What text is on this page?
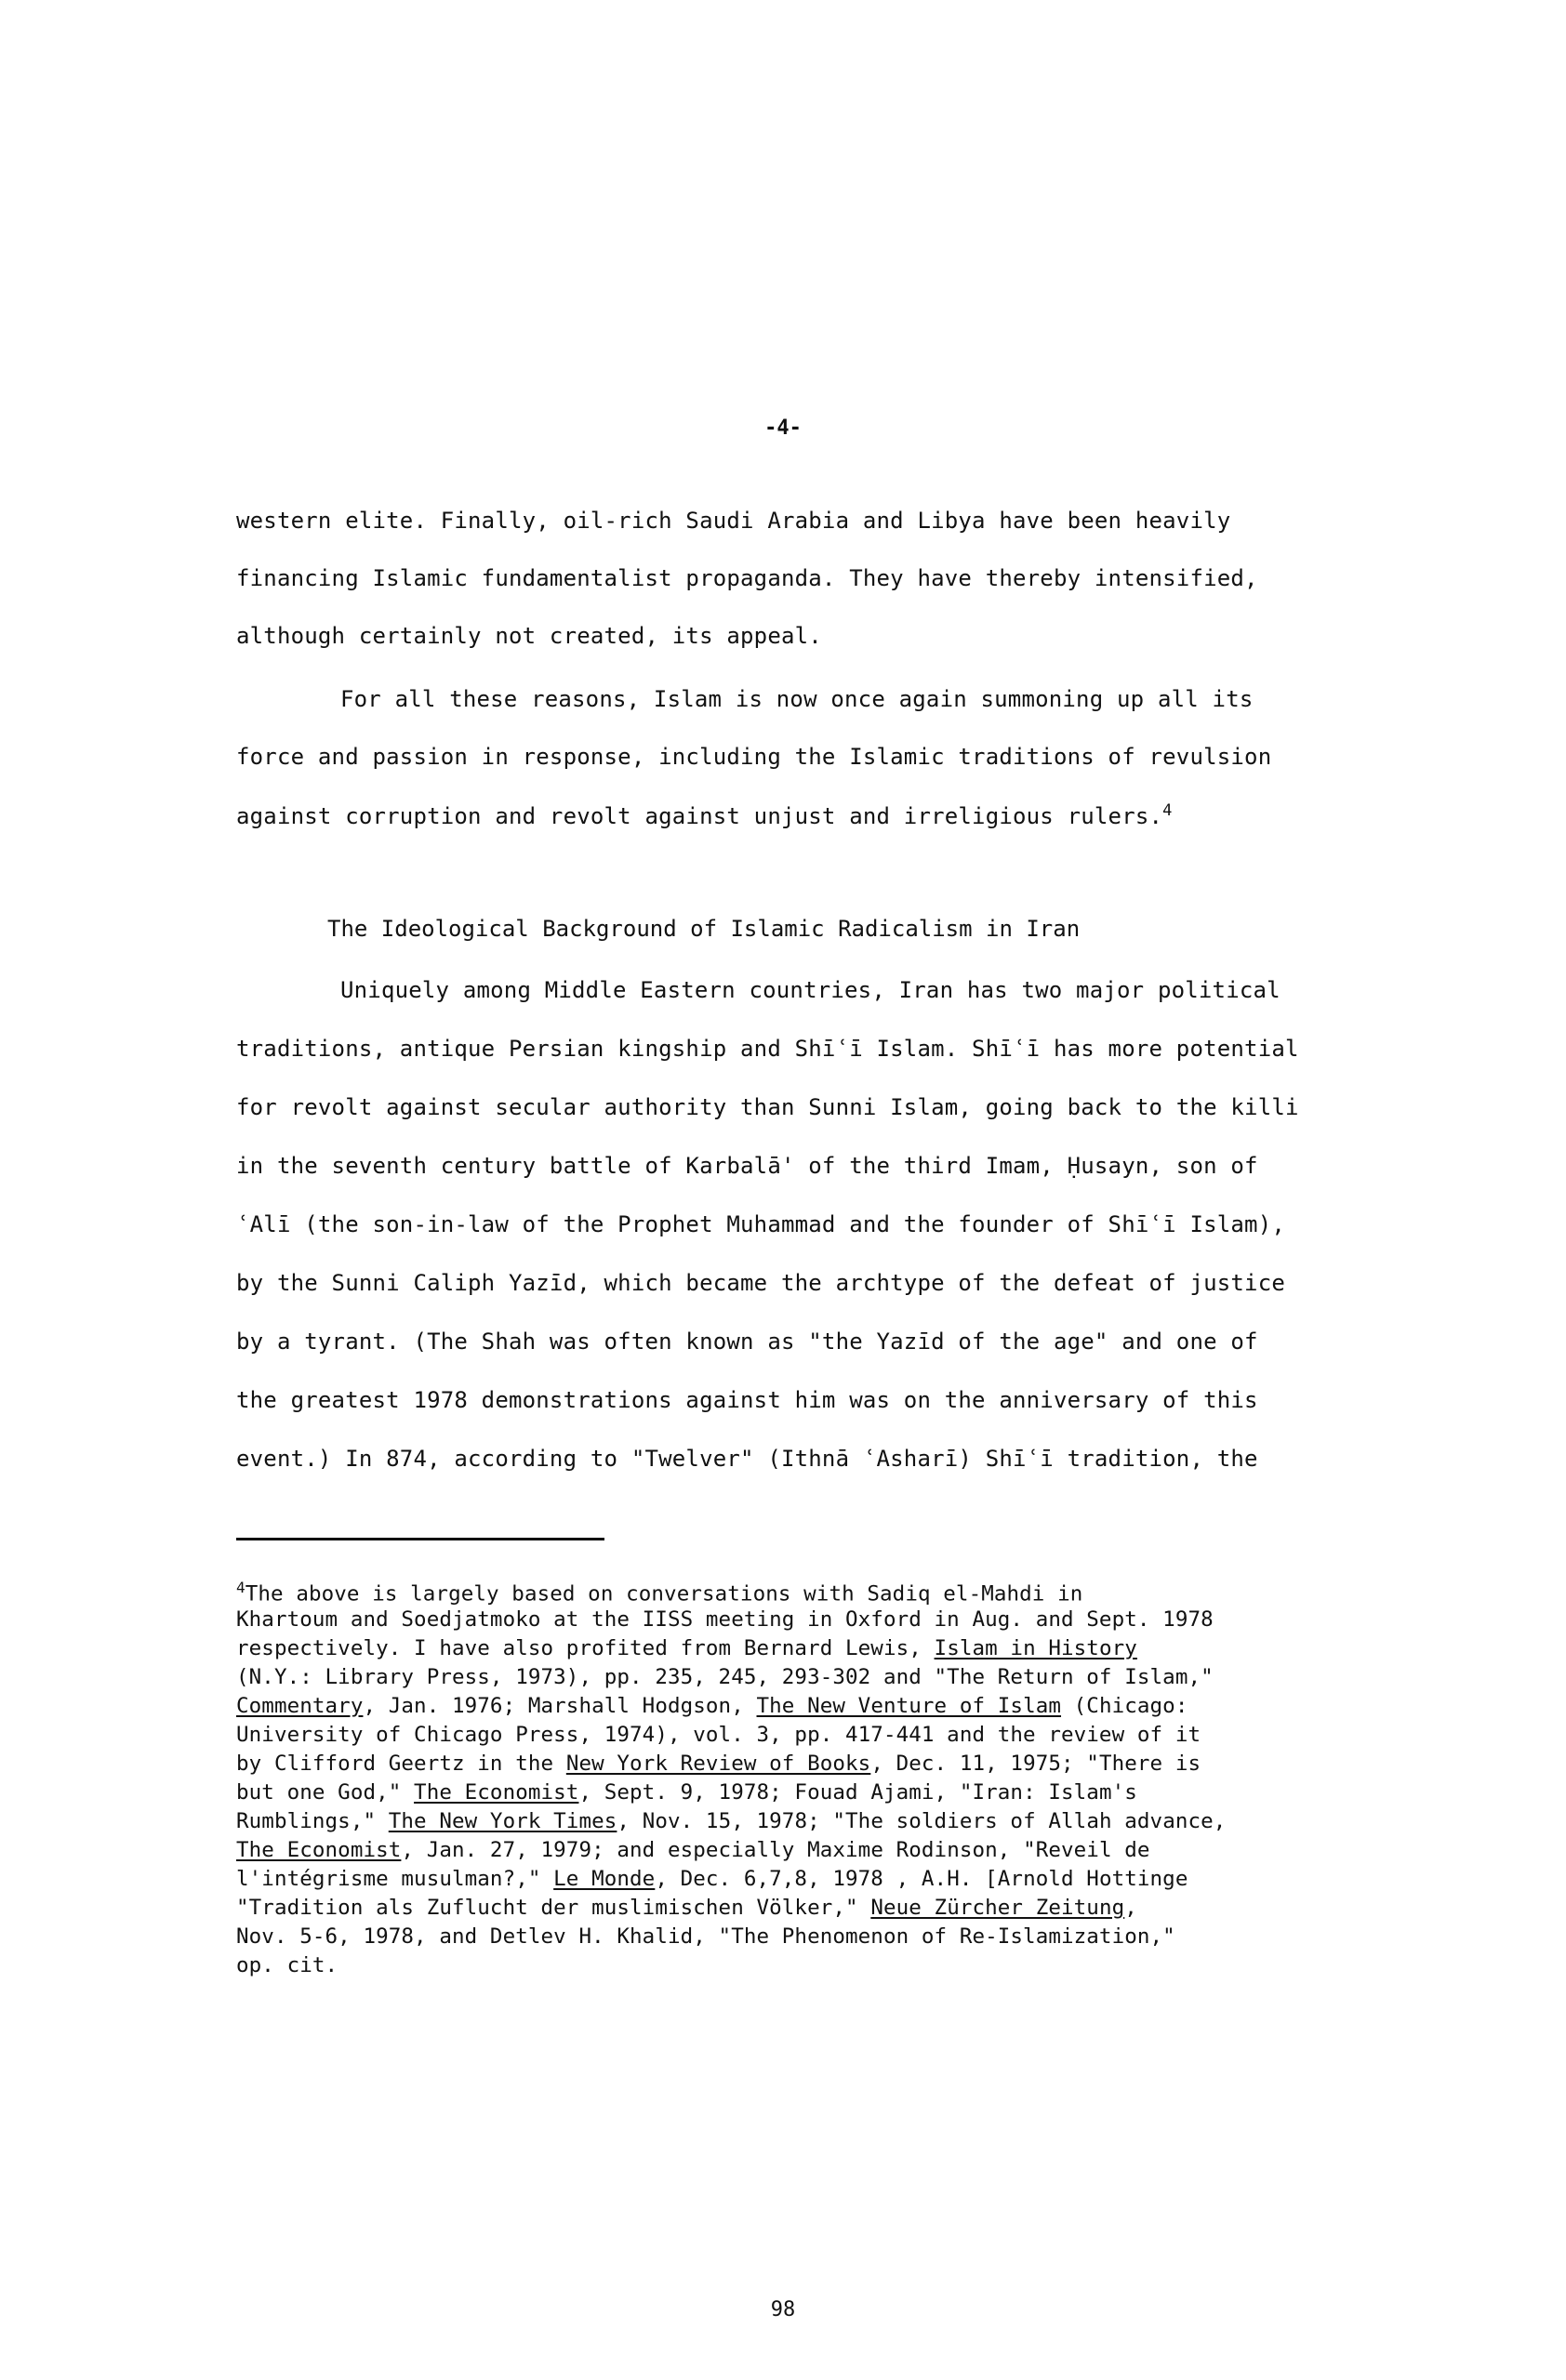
-4-
western elite. Finally, oil-rich Saudi Arabia and Libya have been heavily
financing Islamic fundamentalist propaganda. They have thereby intensified,
although certainly not created, its appeal.
For all these reasons, Islam is now once again summoning up all its
force and passion in response, including the Islamic traditions of revulsion
against corruption and revolt against unjust and irreligious rulers.$^4$
Uniquely among Middle Eastern countries, Iran has two major political
traditions, antique Persian kingship and Shīʿī Islam. Shīʿī has more potential
for revolt against secular authority than Sunni Islam, going back to the killi
in the seventh century battle of Karbalā' of the third Imam, Ḥusayn, son of
ʿAlī (the son-in-law of the Prophet Muhammad and the founder of Shīʿī Islam),
by the Sunni Caliph Yazīd, which became the archtype of the defeat of justice
by a tyrant. (The Shah was often known as "the Yazīd of the age" and one of
the greatest 1978 demonstrations against him was on the anniversary of this
event.) In 874, according to "Twelver" (Ithnā ʿAsharī) Shīʿī tradition, the
The Ideological Background of Islamic Radicalism in Iran
$^4$The above is largely based on conversations with Sadiq el-Mahdi in
Khartoum and Soedjatmoko at the IISS meeting in Oxford in Aug. and Sept. 1978
respectively. I have also profited from Bernard Lewis, Islam in History
(N.Y.: Library Press, 1973), pp. 235, 245, 293-302 and "The Return of Islam,"
Commentary, Jan. 1976; Marshall Hodgson, The New Venture of Islam (Chicago:
University of Chicago Press, 1974), vol. 3, pp. 417-441 and the review of it
by Clifford Geertz in the New York Review of Books, Dec. 11, 1975; "There is
but one God," The Economist, Sept. 9, 1978; Fouad Ajami, "Iran: Islam's
Rumblings," The New York Times, Nov. 15, 1978; "The soldiers of Allah advance,
The Economist, Jan. 27, 1979; and especially Maxime Rodinson, "Reveil de
l'intégrisme musulman?," Le Monde, Dec. 6,7,8, 1978 , A.H. [Arnold Hottinge
"Tradition als Zuflucht der muslimischen Völker," Neue Zürcher Zeitung,
Nov. 5-6, 1978, and Detlev H. Khalid, "The Phenomenon of Re-Islamization,"
op. cit.
98
